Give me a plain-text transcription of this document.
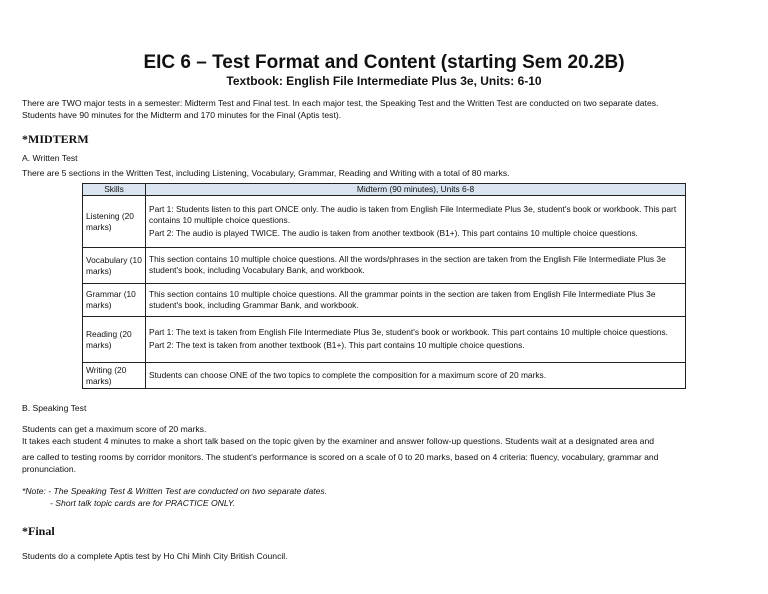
EIC 6 – Test Format and Content (starting Sem 20.2B)
Textbook: English File Intermediate Plus 3e, Units: 6-10
There are TWO major tests in a semester: Midterm Test and Final test. In each major test, the Speaking Test and the Written Test are conducted on two separate dates.
Students have 90 minutes for the Midterm and 170 minutes for the Final (Aptis test).
*MIDTERM
A. Written Test
There are 5 sections in the Written Test, including Listening, Vocabulary, Grammar, Reading and Writing with a total of 80 marks.
Skills	Midterm (90 minutes), Units 6-8
Listening (20 marks)	Part 1: Students listen to this part ONCE only. The audio is taken from English File Intermediate Plus 3e, student's book or workbook. This part contains 10 multiple choice questions.

Part 2: The audio is played TWICE. The audio is taken from another textbook (B1+). This part contains 10 multiple choice questions.

Vocabulary (10 marks)	This section contains 10 multiple choice questions. All the words/phrases in the section are taken from the English File Intermediate Plus 3e student's book, including Vocabulary Bank, and workbook.

Grammar (10 marks)	This section contains 10 multiple choice questions. All the grammar points in the section are taken from English File Intermediate Plus 3e student's book, including Grammar Bank, and workbook.

Reading (20 marks)	Part 1: The text is taken from English File Intermediate Plus 3e, student's book or workbook. This part contains 10 multiple choice questions.

Part 2: The text is taken from another textbook (B1+). This part contains 10 multiple choice questions.

Writing (20 marks)	Students can choose ONE of the two topics to complete the composition for a maximum score of 20 marks.

B. Speaking Test
Students can get a maximum score of 20 marks.
It takes each student 4 minutes to make a short talk based on the topic given by the examiner and answer follow-up questions. Students wait at a designated area and
are called to testing rooms by corridor monitors. The student's performance is scored on a scale of 0 to 20 marks, based on 4 criteria: fluency, vocabulary, grammar and
pronunciation.
*Note: - The Speaking Test & Written Test are conducted on two separate dates.
- Short talk topic cards are for PRACTICE ONLY.
*Final
Students do a complete Aptis test by Ho Chi Minh City British Council.
